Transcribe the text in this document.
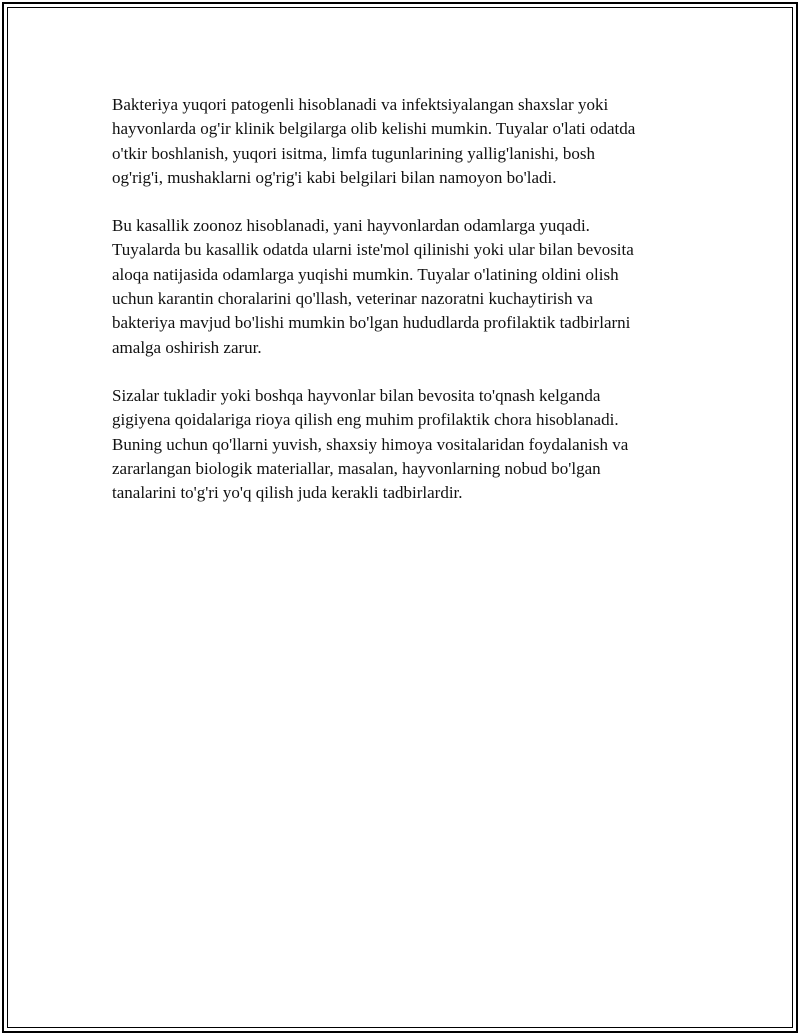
Bakteriya yuqori patogenli hisoblanadi va infektsiyalangan shaxslar yoki
hayvonlarda og'ir klinik belgilarga olib kelishi mumkin. Tuyalar o'lati odatda
o'tkir boshlanish, yuqori isitma, limfa tugunlarining yallig'lanishi, bosh
og'rig'i, mushaklarni og'rig'i kabi belgilari bilan namoyon bo'ladi.

Bu kasallik zoonoz hisoblanadi, yani hayvonlardan odamlarga yuqadi.
Tuyalarda bu kasallik odatda ularni iste'mol qilinishi yoki ular bilan bevosita
aloqa natijasida odamlarga yuqishi mumkin. Tuyalar o'latining oldini olish
uchun karantin choralarini qo'llash, veterinar nazoratni kuchaytirish va
bakteriya mavjud bo'lishi mumkin bo'lgan hududlarda profilaktik tadbirlarni
amalga oshirish zarur.

Sizalar tukladir yoki boshqa hayvonlar bilan bevosita to'qnash kelganda
gigiyena qoidalariga rioya qilish eng muhim profilaktik chora hisoblanadi.
Buning uchun qo'llarni yuvish, shaxsiy himoya vositalaridan foydalanish va
zararlangan biologik materiallar, masalan, hayvonlarning nobud bo'lgan
tanalarini to'g'ri yo'q qilish juda kerakli tadbirlardir.
